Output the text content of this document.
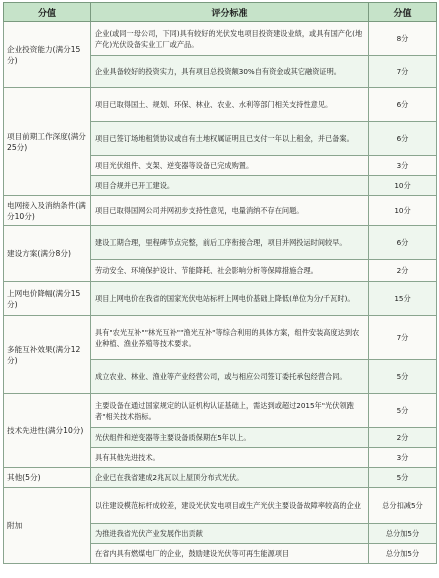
分值	评分标准	分值
企业投资能力(满分15分)	企业(或同一母公司，下同)具有较好的光伏发电项目投资建设业绩，或具有国产化(地产化)光伏设备实业工厂或产品。	8分
	企业具备较好的投资实力，具有项目总投资额30%自有资金或其它融资证明。	7分
项目前期工作深度(满分25分)	项目已取得国土、规划、环保、林业、农业、水利等部门相关支持性意见。	6分
	项目已签订场地租赁协议或自有土地权属证明且已支付一年以上租金，并已备案。	6分
	项目光伏组件、支架、逆变器等设备已完成购置。	3分
	项目合规并已开工建设。	10分
电网接入及消纳条件(满分10分)	项目已取得国网公司并网初步支持性意见，电量消纳不存在问题。	10分
建设方案(满分8分)	建设工期合理，里程碑节点完整，前后工序衔接合理，项目并网投运时间较早。	6分
	劳动安全、环境保护设计、节能降耗、社会影响分析等保障措施合理。	2分
上网电价降幅(满分15分)	项目上网电价在我省的国家光伏电站标杆上网电价基础上降低(单位为分/千瓦时)。	15分
多能互补效果(满分12分)	具有"农光互补""林光互补""渔光互补"等综合利用的具体方案，组件安装高度达到农业种植、渔业养殖等技术要求。	7分
	成立农业、林业、渔业等产业经营公司，或与相应公司签订委托承包经营合同。	5分
技术先进性(满分10分)	主要设备在通过国家规定的认证机构认证基础上，需达到或超过2015年"光伏领跑者"相关技术指标。	5分
	光伏组件和逆变器等主要设备质保期在5年以上。	2分
	具有其他先进技术。	3分
其他(5分)	企业已在我省建成2兆瓦以上屋顶分布式光伏。	5分
附加	以往建设模范标杆成较差，建设光伏发电项目或生产光伏主要设备故障率较高的企业	总分扣减5分
	为推进我省光伏产业发展作出贡献	总分加5分
	在省内具有燃煤电厂的企业，鼓励建设光伏等可再生能源项目	总分加5分
